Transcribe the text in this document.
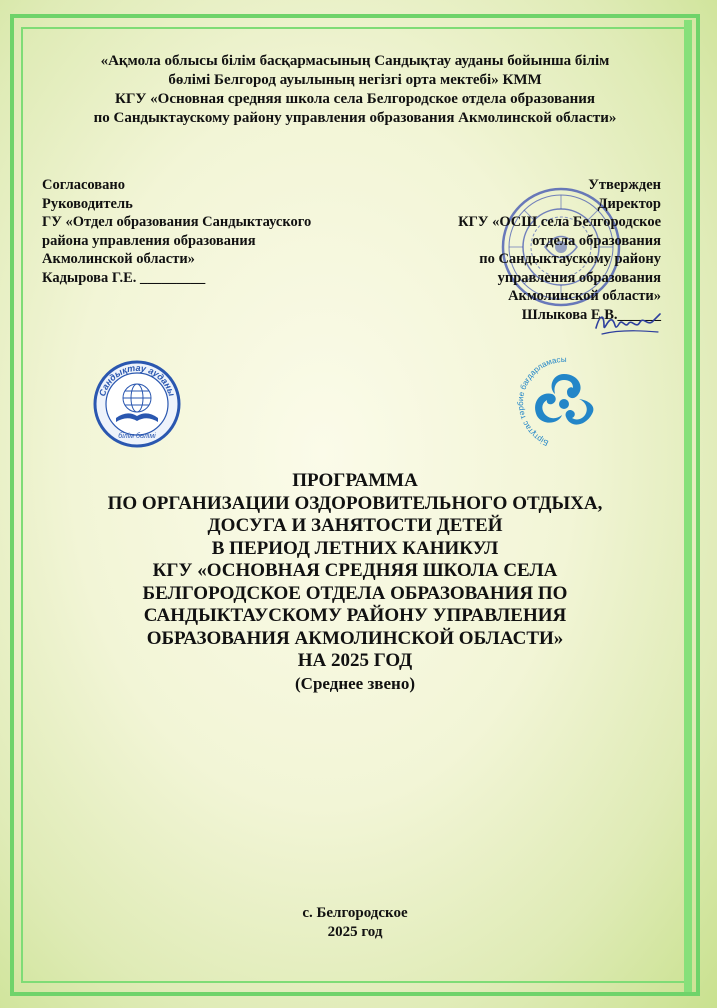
«Ақмола облысы білім басқармасының Сандықтау ауданы бойынша білім
бөлімі Белгород ауылының негізгі орта мектебі» КММ
КГУ «Основная средняя школа села Белгородское отдела образования
по Сандыктаускому району управления образования Акмолинской области»
Согласовано
Руководитель
ГУ «Отдел образования Сандыктауского
района управления образования
Акмолинской области»
Кадырова Г.Е. _________
Утвержден
Директор
КГУ «ОСШ села Белгородское
отдела образования
по Сандыктаускому району
управления образования
Акмолинской области»
Шлыкова Е.В.______
Сандықтау ауданы
білім бөлімі
Біртұтас тәрбие бағдарламасы
ПРОГРАММА
ПО ОРГАНИЗАЦИИ ОЗДОРОВИТЕЛЬНОГО ОТДЫХА,
ДОСУГА И ЗАНЯТОСТИ ДЕТЕЙ
В ПЕРИОД ЛЕТНИХ КАНИКУЛ
КГУ «ОСНОВНАЯ СРЕДНЯЯ ШКОЛА СЕЛА
БЕЛГОРОДСКОЕ ОТДЕЛА ОБРАЗОВАНИЯ ПО
САНДЫКТАУСКОМУ РАЙОНУ УПРАВЛЕНИЯ
ОБРАЗОВАНИЯ АКМОЛИНСКОЙ ОБЛАСТИ»
НА 2025 ГОД
(Среднее звено)
с. Белгородское
2025 год
